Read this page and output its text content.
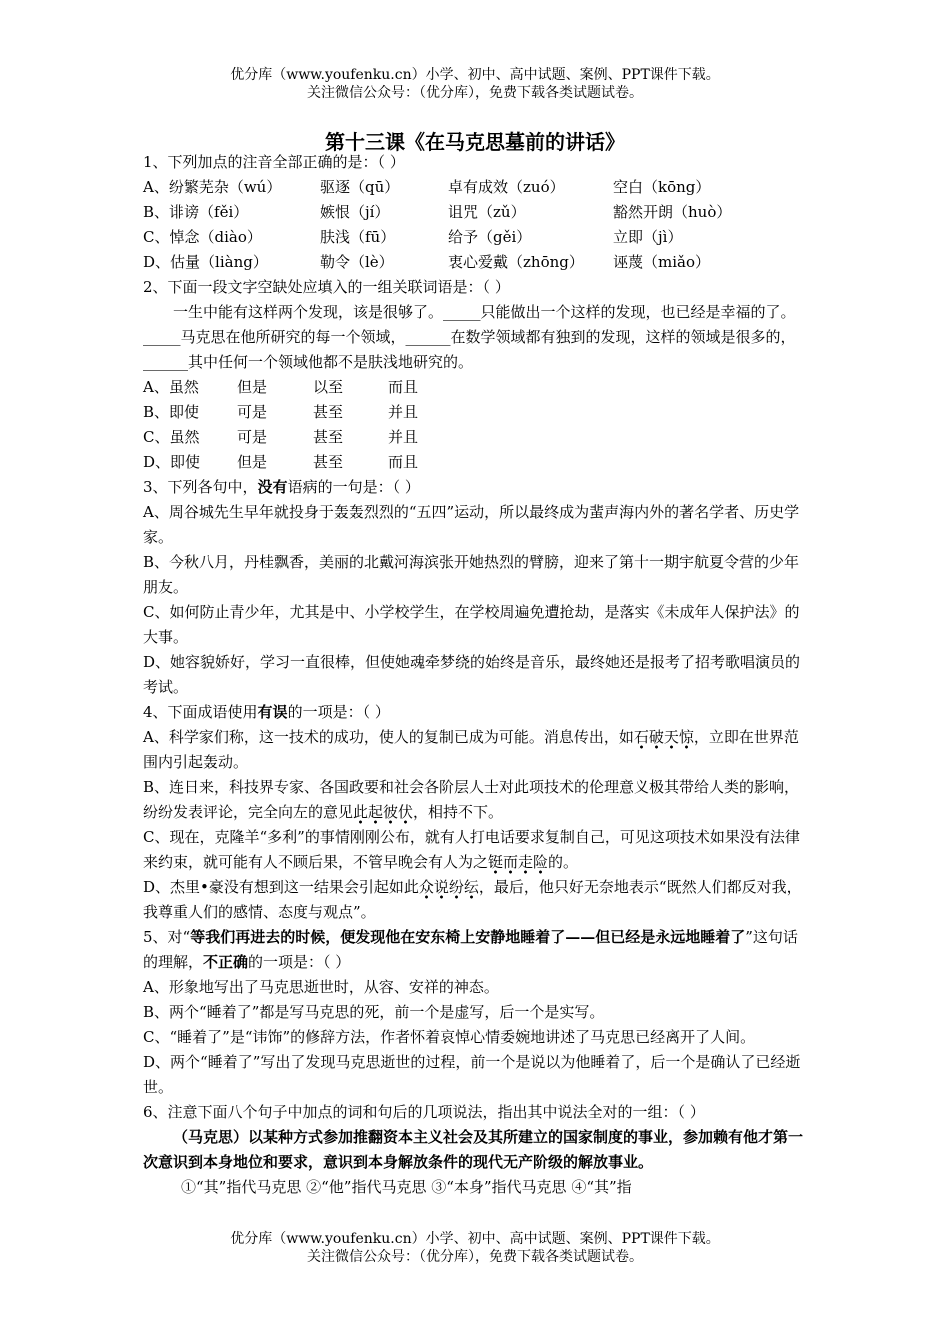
优分库（www.youfenku.cn）小学、初中、高中试题、案例、PPT课件下载。
关注微信公众号：（优分库），免费下载各类试题试卷。
第十三课《在马克思墓前的讲话》
1、下列加点的注音全部正确的是：（ ）
A、纷繁芜杂（wú）	驱逐（qū）	卓有成效（zuó）	空白（kōng）
B、诽谤（fěi）	嫉恨（jí）	诅咒（zǔ）	豁然开朗（huò）
C、悼念（diào）	肤浅（fū）	给予（gěi）	立即（jì）
D、估量（liàng）	勒令（lè）	衷心爱戴（zhōng）	诬蔑（miǎo）
2、下面一段文字空缺处应填入的一组关联词语是：（ ）
一生中能有这样两个发现，该是很够了。_____只能做出一个这样的发现，也已经是幸福的了。_____马克思在他所研究的每一个领域，______在数学领域都有独到的发现，这样的领域是很多的，______其中任何一个领域他都不是肤浅地研究的。
A、虽然	但是	以至	而且
B、即使	可是	甚至	并且
C、虽然	可是	甚至	并且
D、即使	但是	甚至	而且
3、下列各句中，没有语病的一句是：（ ）
A、周谷城先生早年就投身于轰轰烈烈的“五四”运动，所以最终成为蜚声海内外的著名学者、历史学家。
B、今秋八月，丹桂飘香，美丽的北戴河海滨张开她热烈的臂膀，迎来了第十一期宇航夏令营的少年朋友。
C、如何防止青少年，尤其是中、小学校学生，在学校周遍免遭抢劫，是落实《未成年人保护法》的大事。
D、她容貌娇好，学习一直很棒，但使她魂牵梦绕的始终是音乐，最终她还是报考了招考歌唱演员的考试。
4、下面成语使用有误的一项是：（ ）
A、科学家们称，这一技术的成功，使人的复制已成为可能。消息传出，如石破天惊，立即在世界范围内引起轰动。
B、连日来，科技界专家、各国政要和社会各阶层人士对此项技术的伦理意义极其带给人类的影响，纷纷发表评论，完全向左的意见此起彼伏，相持不下。
C、现在，克隆羊“多利”的事情刚刚公布，就有人打电话要求复制自己，可见这项技术如果没有法律来约束，就可能有人不顾后果，不管早晚会有人为之铤而走险的。
D、杰里•豪没有想到这一结果会引起如此众说纷纭，最后，他只好无奈地表示“既然人们都反对我，我尊重人们的感情、态度与观点”。
5、对“等我们再进去的时候，便发现他在安东椅上安静地睡着了——但已经是永远地睡着了”这句话的理解，不正确的一项是：（ ）
A、形象地写出了马克思逝世时，从容、安祥的神态。
B、两个“睡着了”都是写马克思的死，前一个是虚写，后一个是实写。
C、“睡着了”是“讳饰”的修辞方法，作者怀着哀悼心情委婉地讲述了马克思已经离开了人间。
D、两个“睡着了”写出了发现马克思逝世的过程，前一个是说以为他睡着了，后一个是确认了已经逝世。
6、注意下面八个句子中加点的词和句后的几项说法，指出其中说法全对的一组：（ ）
（马克思）以某种方式参加推翻资本主义社会及其所建立的国家制度的事业，参加赖有他才第一次意识到本身地位和要求，意识到本身解放条件的现代无产阶级的解放事业。
①“其”指代马克思 ②“他”指代马克思 ③“本身”指代马克思 ④“其”指
优分库（www.youfenku.cn）小学、初中、高中试题、案例、PPT课件下载。
关注微信公众号：（优分库），免费下载各类试题试卷。
